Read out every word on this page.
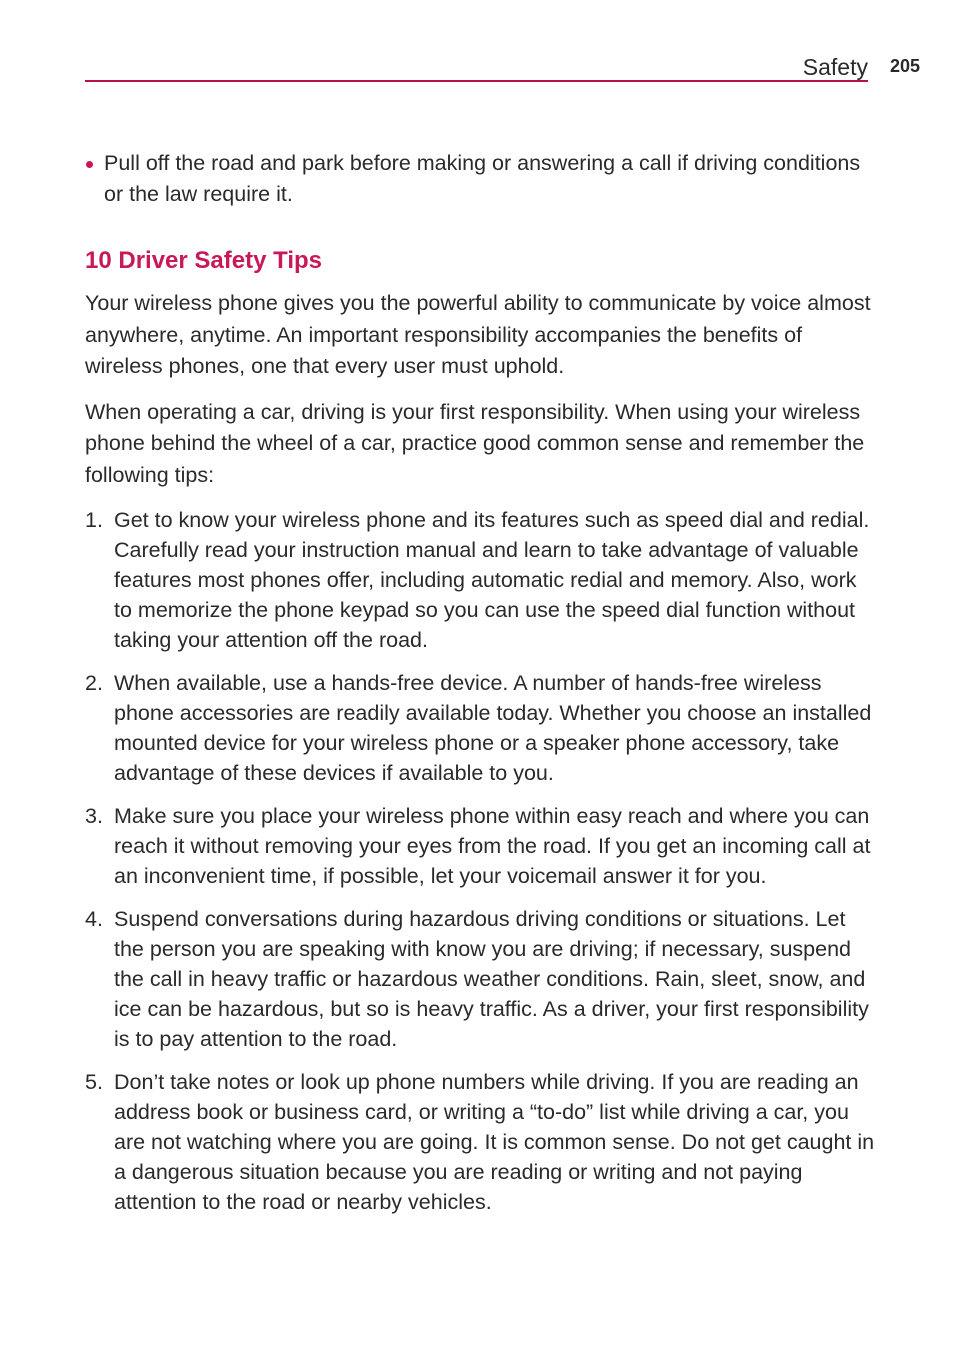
Safety 205
Pull off the road and park before making or answering a call if driving conditions or the law require it.
10 Driver Safety Tips

Your wireless phone gives you the powerful ability to communicate by voice almost anywhere, anytime. An important responsibility accompanies the benefits of wireless phones, one that every user must uphold.

When operating a car, driving is your first responsibility. When using your wireless phone behind the wheel of a car, practice good common sense and remember the following tips:

1. Get to know your wireless phone and its features such as speed dial and redial. Carefully read your instruction manual and learn to take advantage of valuable features most phones offer, including automatic redial and memory. Also, work to memorize the phone keypad so you can use the speed dial function without taking your attention off the road.
2. When available, use a hands-free device. A number of hands-free wireless phone accessories are readily available today. Whether you choose an installed mounted device for your wireless phone or a speaker phone accessory, take advantage of these devices if available to you.
3. Make sure you place your wireless phone within easy reach and where you can reach it without removing your eyes from the road. If you get an incoming call at an inconvenient time, if possible, let your voicemail answer it for you.
4. Suspend conversations during hazardous driving conditions or situations. Let the person you are speaking with know you are driving; if necessary, suspend the call in heavy traffic or hazardous weather conditions. Rain, sleet, snow, and ice can be hazardous, but so is heavy traffic. As a driver, your first responsibility is to pay attention to the road.
5. Don’t take notes or look up phone numbers while driving. If you are reading an address book or business card, or writing a “to-do” list while driving a car, you are not watching where you are going. It is common sense. Do not get caught in a dangerous situation because you are reading or writing and not paying attention to the road or nearby vehicles.
